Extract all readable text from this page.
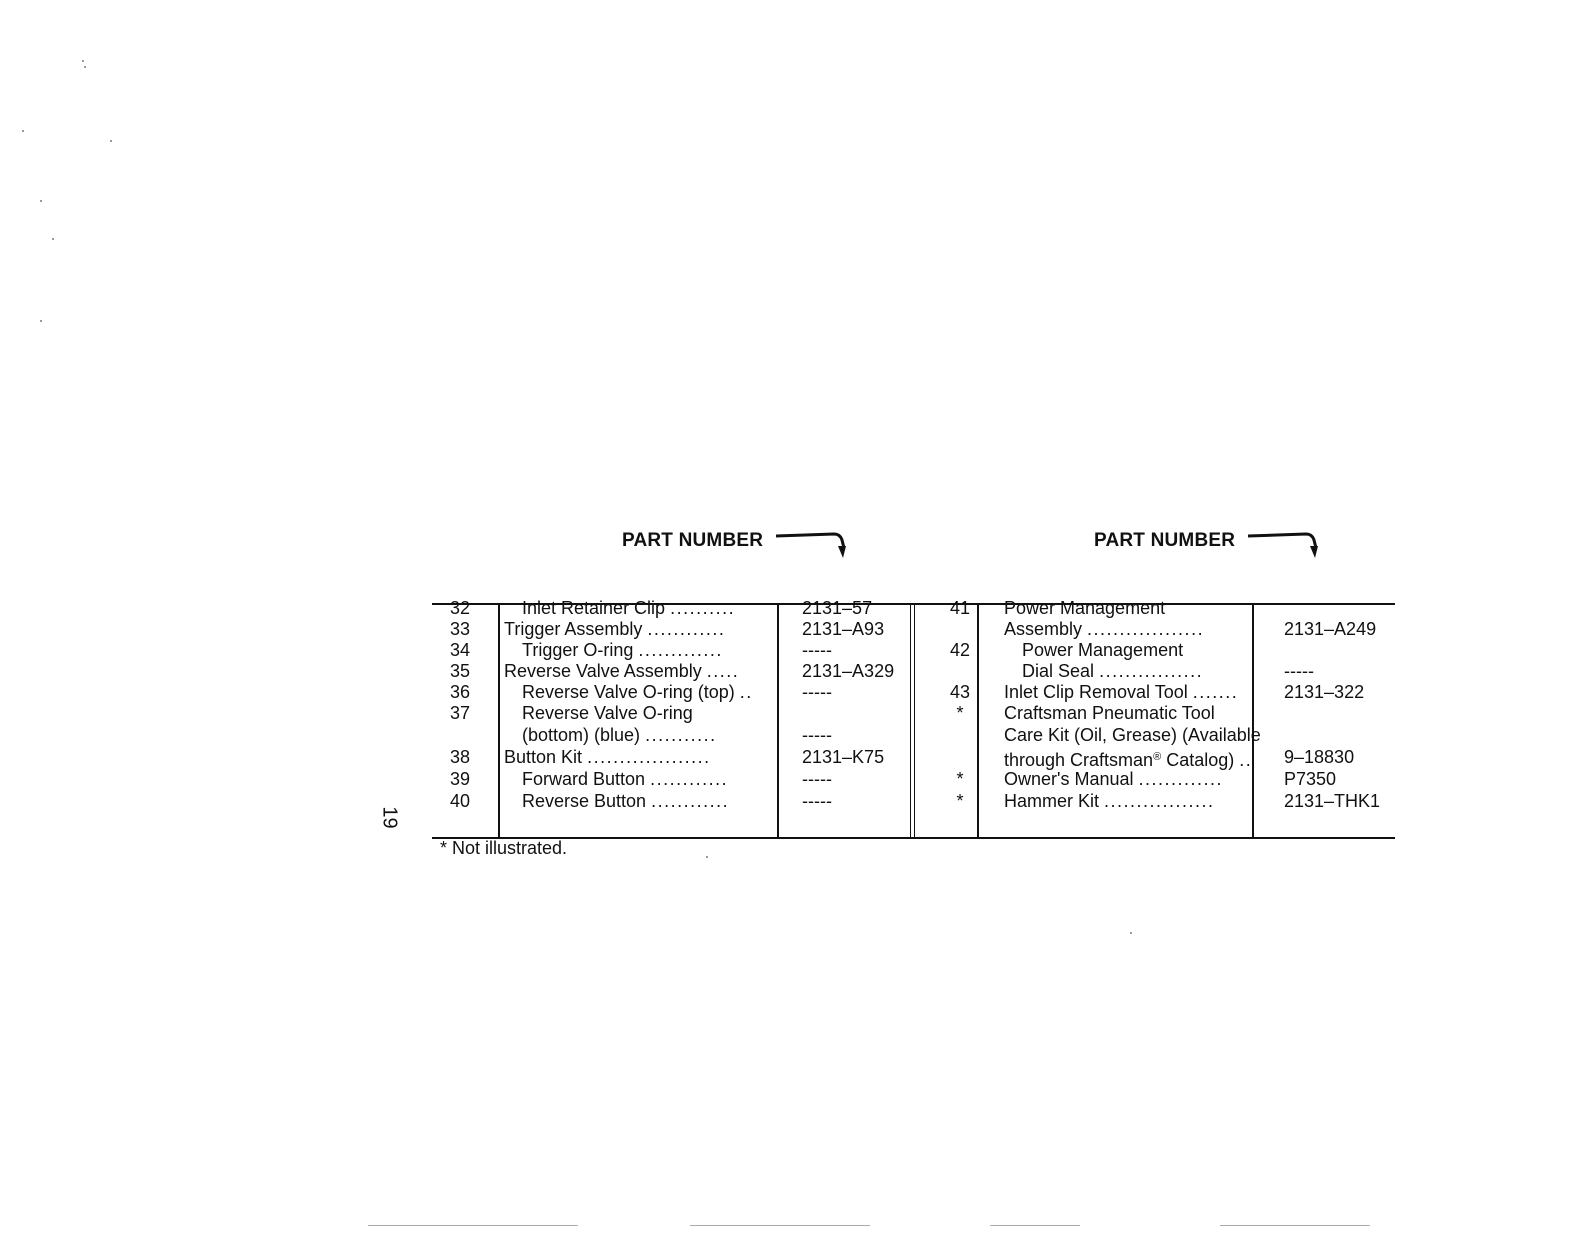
PART NUMBER	PART NUMBER
32	Inlet Retainer Clip ..........	2131–57
33	Trigger Assembly ............	2131–A93
34	Trigger O-ring .............	-----
35	Reverse Valve Assembly .....	2131–A329
36	Reverse Valve O-ring (top) ..	-----
37	Reverse Valve O-ring
(bottom) (blue) ...........	-----
38	Button Kit ...................	2131–K75
39	Forward Button ............	-----
40	Reverse Button ............	-----
41	Power Management
Assembly ..................	2131–A249
42	Power Management
Dial Seal ................	-----
43	Inlet Clip Removal Tool .......	2131–322
*	Craftsman Pneumatic Tool
Care Kit (Oil, Grease) (Available
through Craftsman® Catalog) ..	9–18830
*	Owner's Manual .............	P7350
*	Hammer Kit .................	2131–THK1
* Not illustrated.
19
